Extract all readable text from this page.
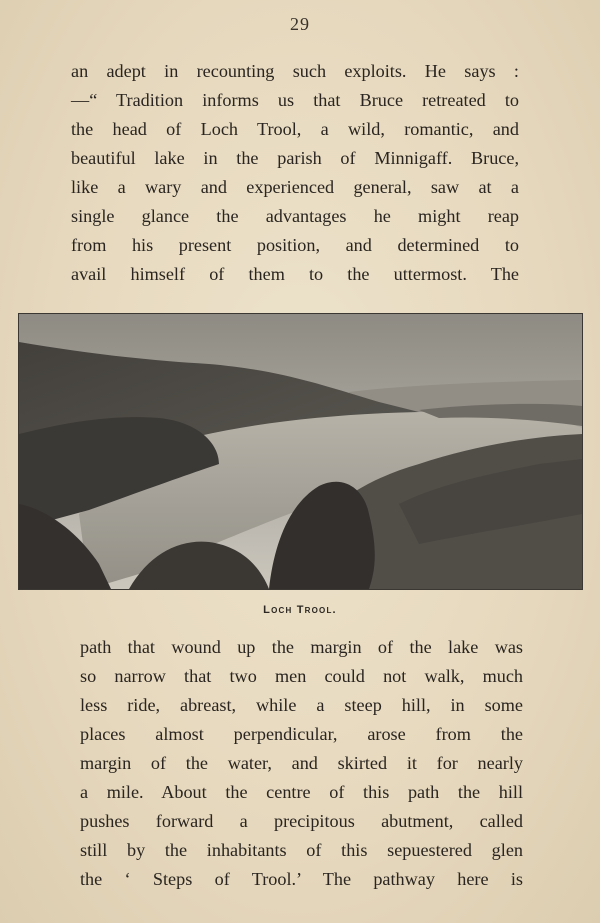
29
an adept in recounting such exploits. He says :
—“ Tradition informs us that Bruce retreated to
the head of Loch Trool, a wild, romantic, and
beautiful lake in the parish of Minnigaff. Bruce,
like a wary and experienced general, saw at a
single glance the advantages he might reap
from his present position, and determined to
avail himself of them to the uttermost. The
Loch Trool.
path that wound up the margin of the lake was
so narrow that two men could not walk, much
less ride, abreast, while a steep hill, in some
places almost perpendicular, arose from the
margin of the water, and skirted it for nearly
a mile. About the centre of this path the hill
pushes forward a precipitous abutment, called
still by the inhabitants of this sepuestered glen
the ‘ Steps of Trool.’ The pathway here is
